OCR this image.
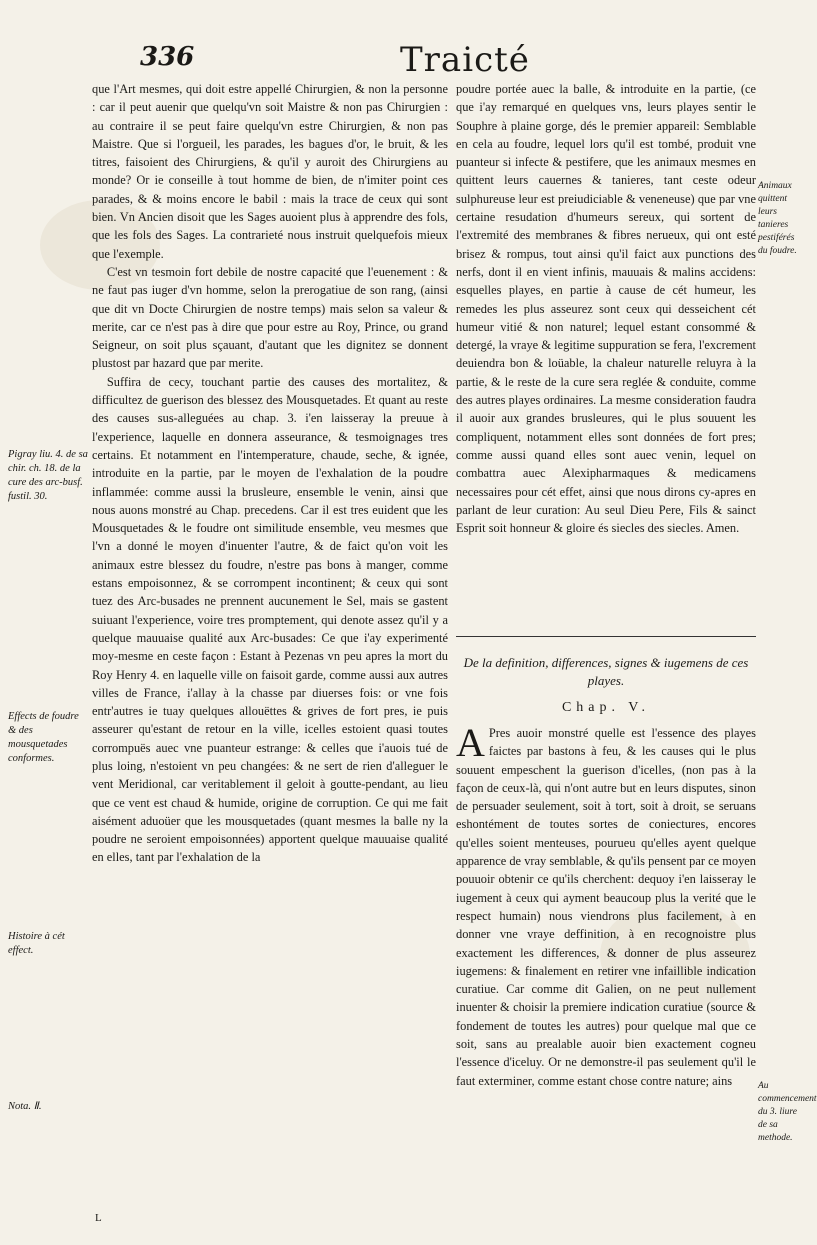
336	Traicté

que l'Art mesmes, qui doit estre appellé Chirurgien, & non la personne : car il peut auenir que quelqu'vn soit Maistre & non pas Chirurgien : au contraire il se peut faire quelqu'vn estre Chirurgien, & non pas Maistre. Que si l'orgueil, les parades, les bagues d'or, le bruit, & les titres, faisoient des Chirurgiens, & qu'il y auroit des Chirurgiens au monde? Or ie conseille à tout homme de bien, de n'imiter point ces parades, & & moins encore le babil : mais la trace de ceux qui sont bien. Vn Ancien disoit que les Sages auoient plus à apprendre des fols, que les fols des Sages. La contrarieté nous instruit quelquefois mieux que l'exemple.

C'est vn tesmoin fort debile de nostre capacité que l'euenement : & ne faut pas iuger d'vn homme, selon la prerogatiue de son rang, (ainsi que dit vn Docte Chirurgien de nostre temps) mais selon sa valeur & merite, car ce n'est pas à dire que pour estre au Roy, Prince, ou grand Seigneur, on soit plus sçauant, d'autant que les dignitez se donnent plustost par hazard que par merite.

Suffira de cecy, touchant partie des causes des mortalitez, & difficultez de guerison des blessez des Mousquetades. Et quant au reste des causes sus-alleguées au chap. 3. i'en laisseray la preuue à l'experience, laquelle en donnera asseurance, & tesmoignages tres certains. Et notamment en l'intemperature, chaude, seche, & ignée, introduite en la partie, par le moyen de l'exhalation de la poudre inflammée: comme aussi la brusleure, ensemble le venin, ainsi que nous auons monstré au Chap. precedens. Car il est tres euident que les Mousquetades & le foudre ont similitude ensemble, veu mesmes que l'vn a donné le moyen d'inuenter l'autre, & de faict qu'on voit les animaux estre blessez du foudre, n'estre pas bons à manger, comme estans empoisonnez, & se corrompent incontinent; & ceux qui sont tuez des Arc-busades ne prennent aucunement le Sel, mais se gastent suiuant l'experience, voire tres promptement, qui denote assez qu'il y a quelque mauuaise qualité aux Arc-busades: Ce que i'ay experimenté moy-mesme en ceste façon : Estant à Pezenas vn peu apres la mort du Roy Henry 4. en laquelle ville on faisoit garde, comme aussi aux autres villes de France, i'allay à la chasse par diuerses fois: or vne fois entr'autres ie tuay quelques allouëttes & grives de fort pres, ie puis asseurer qu'estant de retour en la ville, icelles estoient quasi toutes corrompuës auec vne puanteur estrange: & celles que i'auois tué de plus loing, n'estoient vn peu changées: & ne sert de rien d'alleguer le vent Meridional, car veritablement il geloit à goutte-pendant, au lieu que ce vent est chaud & humide, origine de corruption. Ce qui me fait aisément aduoüer que les mousquetades (quant mesmes la balle ny la poudre ne seroient empoisonnées) apportent quelque mauuaise qualité en elles, tant par l'exhalation de la

Pigray liu. 4. de sa chir. ch. 18. de la cure des arc-busf. fustil. 30.
Effects de foudre & des mousquetades conformes.
Histoire à cét effect.
Nota. Ⅱ.

poudre portée auec la balle, & introduite en la partie, (ce que i'ay remarqué en quelques vns, leurs playes sentir le Souphre à plaine gorge, dés le premier appareil: Semblable en cela au foudre, lequel lors qu'il est tombé, produit vne puanteur si infecte & pestifere, que les animaux mesmes en quittent leurs cauernes & tanieres, tant ceste odeur sulphureuse leur est preiudiciable & veneneuse) que par vne certaine resudation d'humeurs sereux, qui sortent de l'extremité des membranes & fibres nerueux, qui ont esté brisez & rompus, tout ainsi qu'il faict aux punctions des nerfs, dont il en vient infinis, mauuais & malins accidens: esquelles playes, en partie à cause de cét humeur, les remedes les plus asseurez sont ceux qui desseichent cét humeur vitié & non naturel; lequel estant consommé & detergé, la vraye & legitime suppuration se fera, l'excrement deuiendra bon & loüable, la chaleur naturelle reluyra à la partie, & le reste de la cure sera reglée & conduite, comme des autres playes ordinaires. La mesme consideration faudra il auoir aux grandes brusleures, qui le plus souuent les compliquent, notamment elles sont données de fort pres; comme aussi quand elles sont auec venin, lequel on combattra auec Alexipharmaques & medicamens necessaires pour cét effet, ainsi que nous dirons cy-apres en parlant de leur curation: Au seul Dieu Pere, Fils & sainct Esprit soit honneur & gloire és siecles des siecles. Amen.

Animaux quittent leurs tanieres pestiférés du foudre.
Au commencement du 3. liure de sa methode.
De la definition, differences, signes & iugemens de ces playes.
Chap. V.

A Pres auoir monstré quelle est l'essence des playes faictes par bastons à feu, & les causes qui le plus souuent empeschent la guerison d'icelles, (non pas à la façon de ceux-là, qui n'ont autre but en leurs disputes, sinon de persuader seulement, soit à tort, soit à droit, se seruans eshontément de toutes sortes de coniectures, encores qu'elles soient menteuses, pourueu qu'elles ayent quelque apparence de vray semblable, & qu'ils pensent par ce moyen pouuoir obtenir ce qu'ils cherchent: dequoy i'en laisseray le iugement à ceux qui ayment beaucoup plus la verité que le respect humain) nous viendrons plus facilement, à en donner vne vraye deffinition, à en recognoistre plus exactement les differences, & donner de plus asseurez iugemens: & finalement en retirer vne infaillible indication curatiue. Car comme dit Galien, on ne peut nullement inuenter & choisir la premiere indication curatiue (source & fondement de toutes les autres) pour quelque mal que ce soit, sans au prealable auoir bien exactement cogneu l'essence d'iceluy. Or ne demonstre-il pas seulement qu'il le faut exterminer, comme estant chose contre nature; ains

L
